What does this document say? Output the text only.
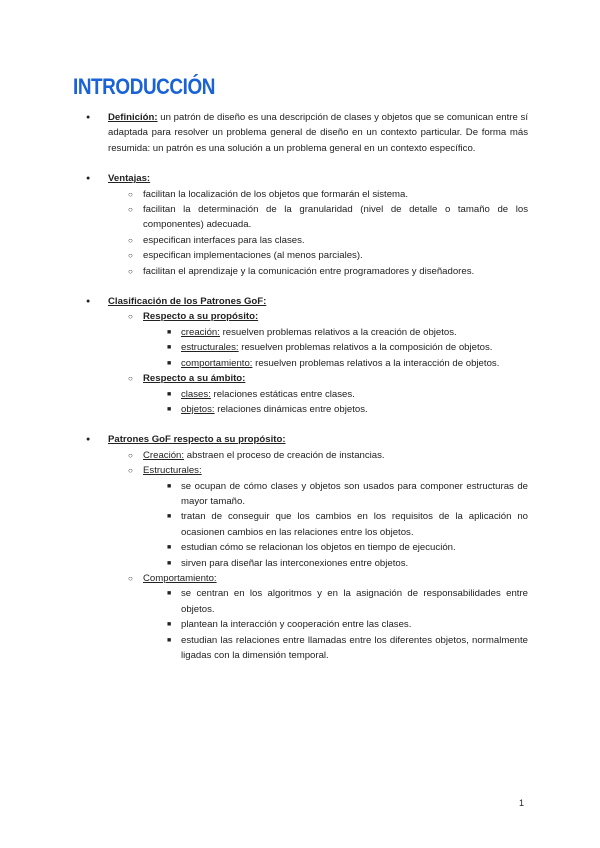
INTRODUCCIÓN
● Definición: un patrón de diseño es una descripción de clases y objetos que se comunican entre sí adaptada para resolver un problema general de diseño en un contexto particular. De forma más resumida: un patrón es una solución a un problema general en un contexto específico.
● Ventajas:
○ facilitan la localización de los objetos que formarán el sistema.
○ facilitan la determinación de la granularidad (nivel de detalle o tamaño de los componentes) adecuada.
○ especifican interfaces para las clases.
○ especifican implementaciones (al menos parciales).
○ facilitan el aprendizaje y la comunicación entre programadores y diseñadores.
● Clasificación de los Patrones GoF:
○ Respecto a su propósito:
■ creación: resuelven problemas relativos a la creación de objetos.
■ estructurales: resuelven problemas relativos a la composición de objetos.
■ comportamiento: resuelven problemas relativos a la interacción de objetos.
○ Respecto a su ámbito:
■ clases: relaciones estáticas entre clases.
■ objetos: relaciones dinámicas entre objetos.
● Patrones GoF respecto a su propósito:
○ Creación: abstraen el proceso de creación de instancias.
○ Estructurales:
■ se ocupan de cómo clases y objetos son usados para componer estructuras de mayor tamaño.
■ tratan de conseguir que los cambios en los requisitos de la aplicación no ocasionen cambios en las relaciones entre los objetos.
■ estudian cómo se relacionan los objetos en tiempo de ejecución.
■ sirven para diseñar las interconexiones entre objetos.
○ Comportamiento:
■ se centran en los algoritmos y en la asignación de responsabilidades entre objetos.
■ plantean la interacción y cooperación entre las clases.
■ estudian las relaciones entre llamadas entre los diferentes objetos, normalmente ligadas con la dimensión temporal.
1
